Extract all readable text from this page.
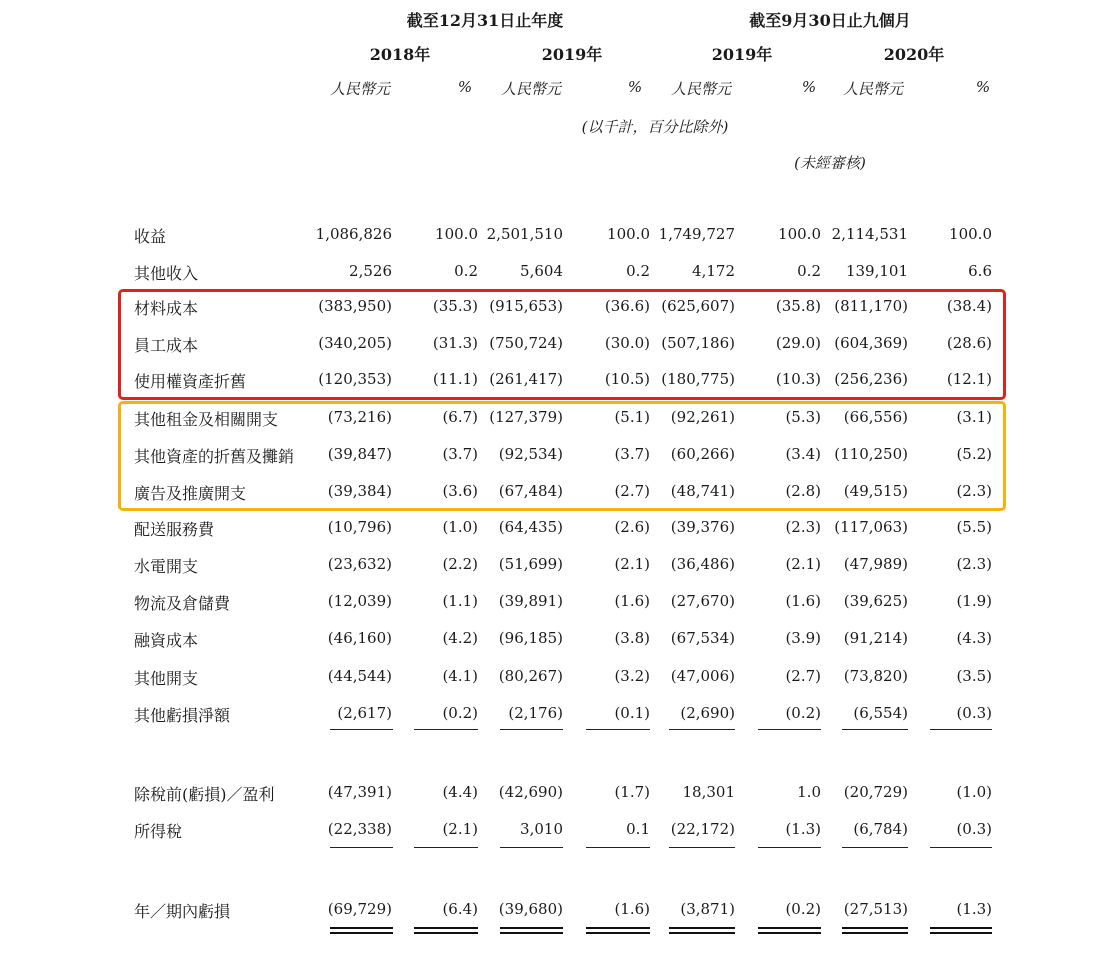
截至12月31日止年度	截至9月30日止九個月
2018年	2019年	2019年	2020年
人民幣元	%	人民幣元	%	人民幣元	%	人民幣元	%
(以千計，百分比除外)
(未經審核)
收益	1,086,826	100.0 2,501,510	100.0 1,749,727	100.0 2,114,531	100.0
其他收入	2,526	0.2	5,604	0.2	4,172	0.2	139,101	6.6
材料成本	(383,950)	(35.3) (915,653)	(36.6) (625,607)	(35.8) (811,170)	(38.4)
員工成本	(340,205)	(31.3) (750,724)	(30.0) (507,186)	(29.0) (604,369)	(28.6)
使用權資產折舊	(120,353)	(11.1) (261,417)	(10.5) (180,775)	(10.3) (256,236)	(12.1)
其他租金及相關開支	(73,216)	(6.7) (127,379)	(5.1)	(92,261)	(5.3)	(66,556)	(3.1)
其他資產的折舊及攤銷	(39,847)	(3.7)	(92,534)	(3.7)	(60,266)	(3.4) (110,250)	(5.2)
廣告及推廣開支	(39,384)	(3.6)	(67,484)	(2.7)	(48,741)	(2.8)	(49,515)	(2.3)
配送服務費	(10,796)	(1.0)	(64,435)	(2.6)	(39,376)	(2.3) (117,063)	(5.5)
水電開支	(23,632)	(2.2)	(51,699)	(2.1)	(36,486)	(2.1)	(47,989)	(2.3)
物流及倉儲費	(12,039)	(1.1)	(39,891)	(1.6)	(27,670)	(1.6)	(39,625)	(1.9)
融資成本	(46,160)	(4.2)	(96,185)	(3.8)	(67,534)	(3.9)	(91,214)	(4.3)
其他開支	(44,544)	(4.1)	(80,267)	(3.2)	(47,006)	(2.7)	(73,820)	(3.5)
其他虧損淨額	(2,617)	(0.2)	(2,176)	(0.1)	(2,690)	(0.2)	(6,554)	(0.3)
除稅前(虧損)／盈利	(47,391)	(4.4)	(42,690)	(1.7)	18,301	1.0	(20,729)	(1.0)
所得稅	(22,338)	(2.1)	3,010	0.1	(22,172)	(1.3)	(6,784)	(0.3)
年／期內虧損	(69,729)	(6.4)	(39,680)	(1.6)	(3,871)	(0.2)	(27,513)	(1.3)
